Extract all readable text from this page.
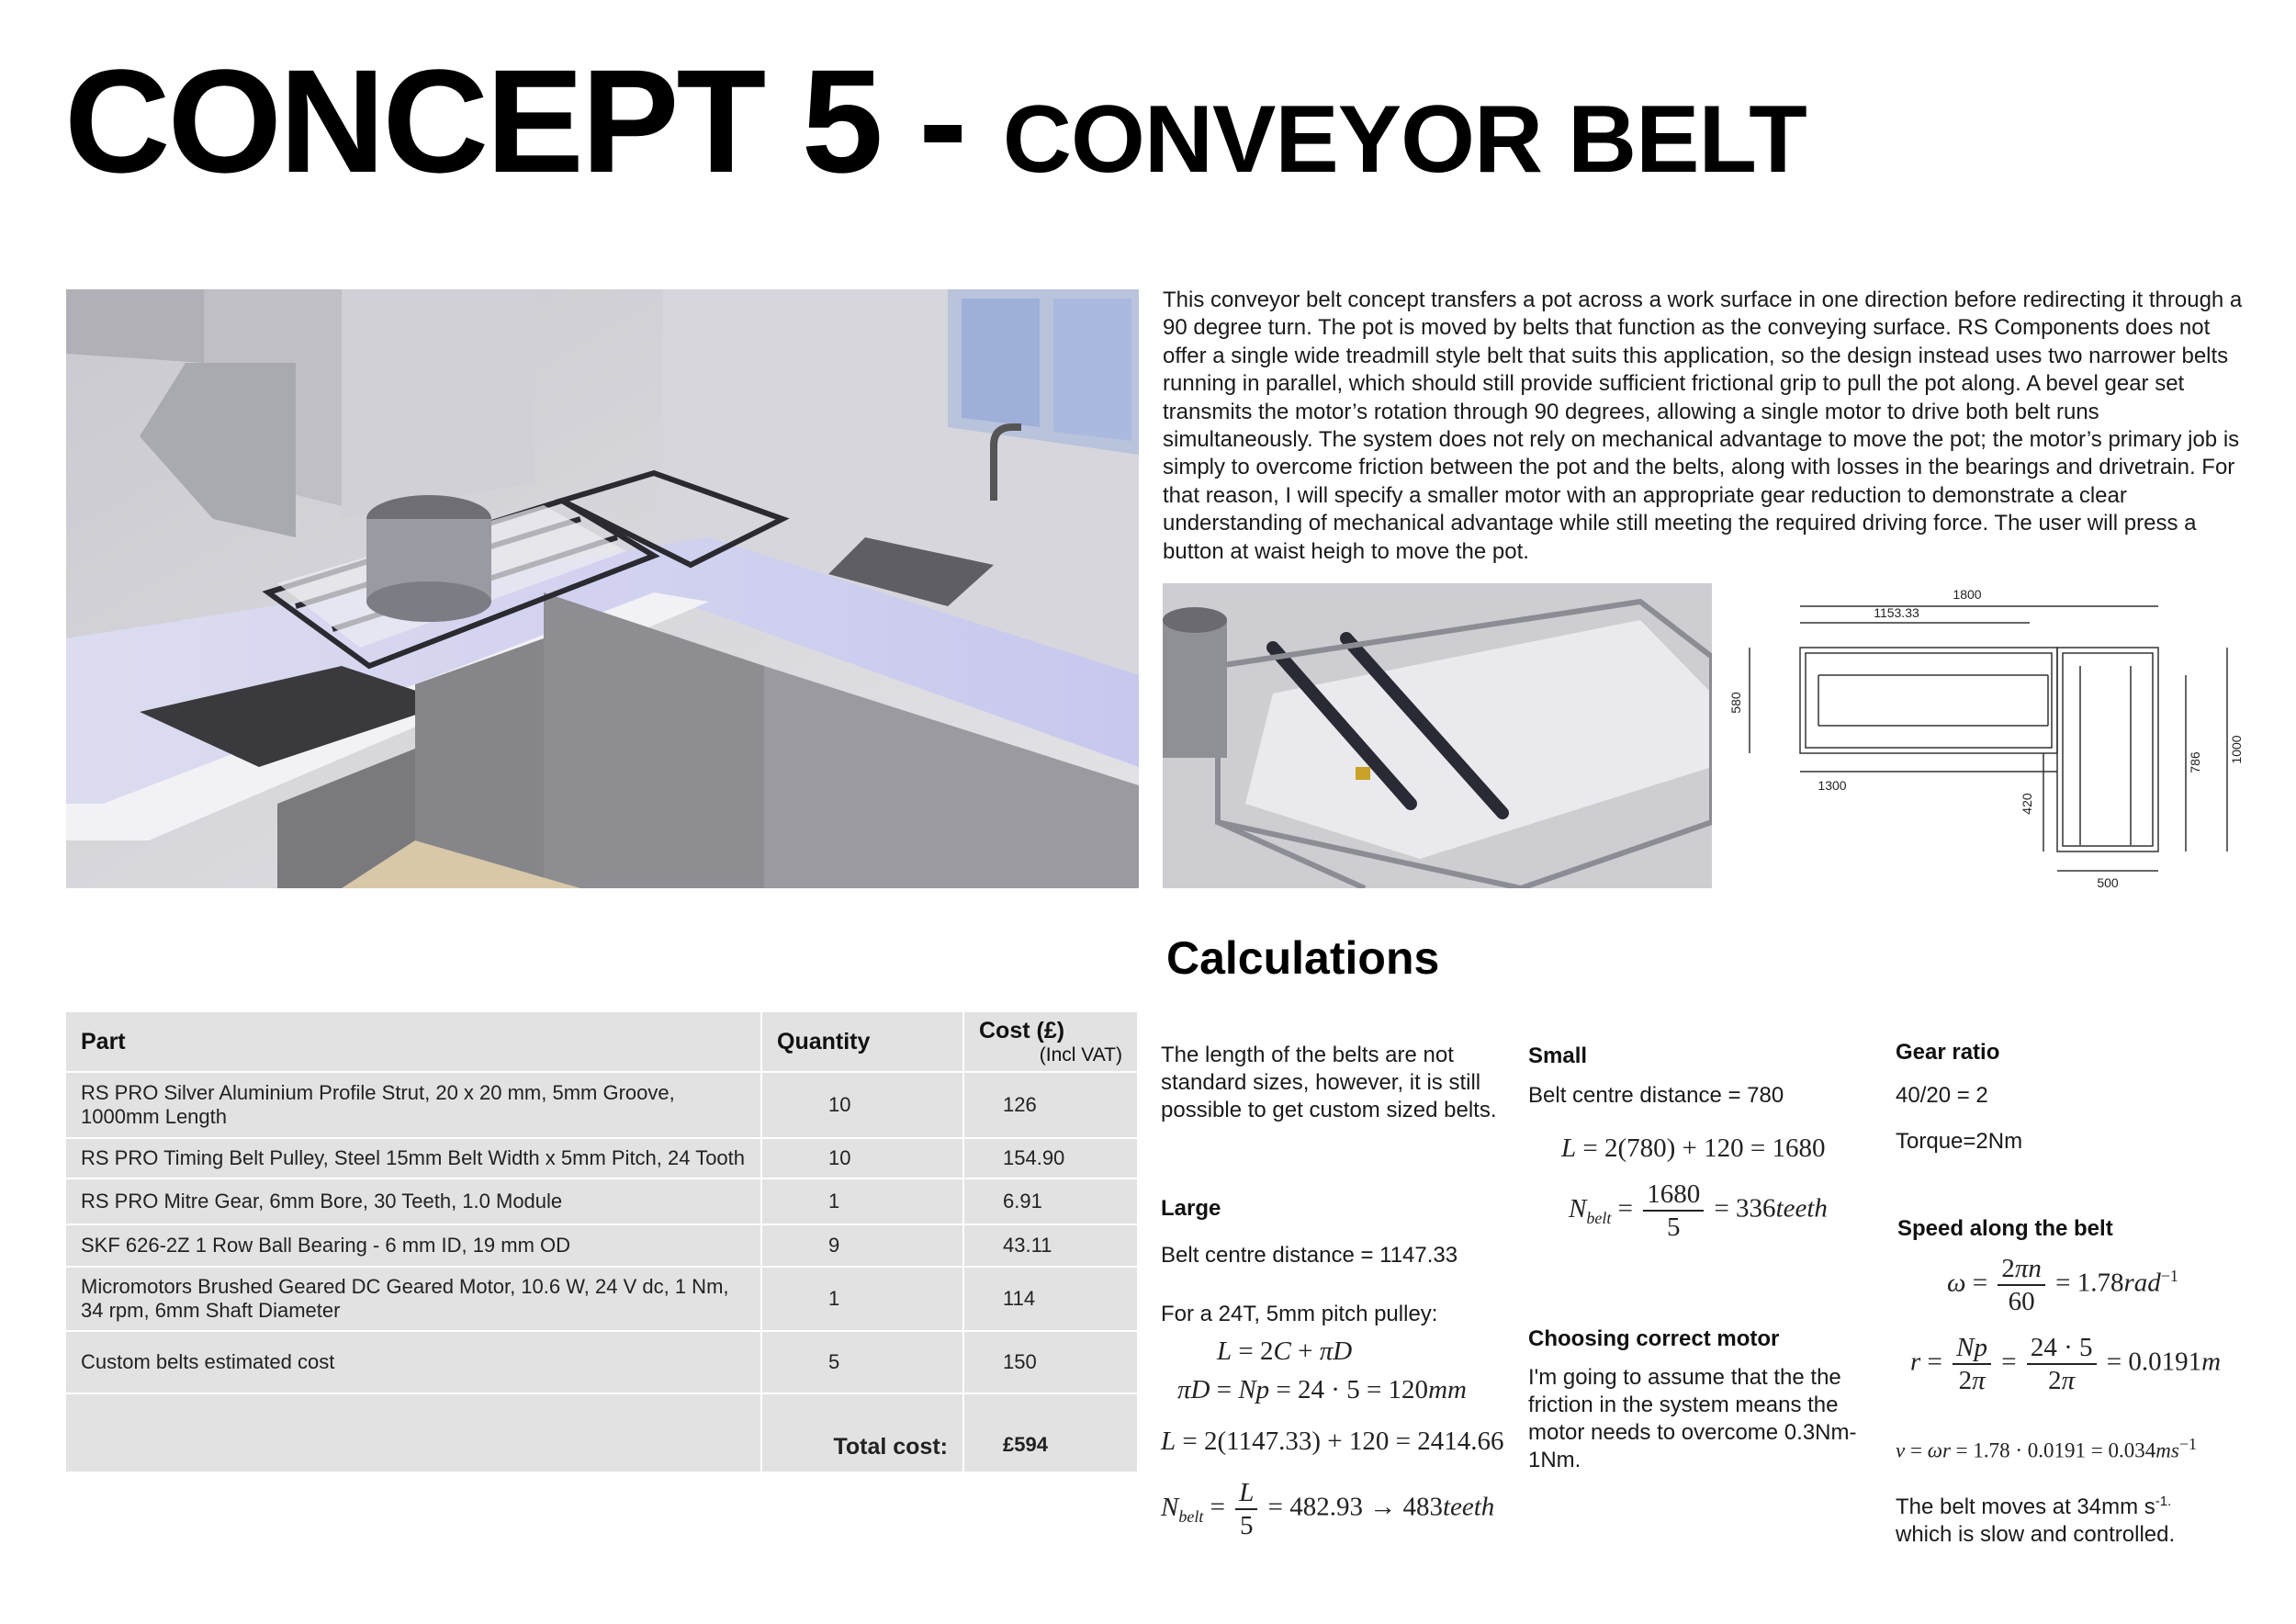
CONCEPT 5 - CONVEYOR BELT
This conveyor belt concept transfers a pot across a work surface in one direction before redirecting it through a 90 degree turn. The pot is moved by belts that function as the conveying surface. RS Components does not offer a single wide treadmill style belt that suits this application, so the design instead uses two narrower belts running in parallel, which should still provide sufficient frictional grip to pull the pot along. A bevel gear set transmits the motor’s rotation through 90 degrees, allowing a single motor to drive both belt runs simultaneously. The system does not rely on mechanical advantage to move the pot; the motor’s primary job is simply to overcome friction between the pot and the belts, along with losses in the bearings and drivetrain. For that reason, I will specify a smaller motor with an appropriate gear reduction to demonstrate a clear understanding of mechanical advantage while still meeting the required driving force. The user will press a button at waist heigh to move the pot.
1800
1153.33
580
1300
420
786 1000
500
Calculations
Part	Quantity	Cost (£)
(Incl VAT)

RS PRO Silver Aluminium Profile Strut, 20 x 20 mm, 5mm Groove, 1000mm Length	10	126
RS PRO Timing Belt Pulley, Steel 15mm Belt Width x 5mm Pitch, 24 Tooth	10	154.90
RS PRO Mitre Gear, 6mm Bore, 30 Teeth, 1.0 Module	1	6.91
SKF 626-2Z 1 Row Ball Bearing - 6 mm ID, 19 mm OD	9	43.11
Micromotors Brushed Geared DC Geared Motor, 10.6 W, 24 V dc, 1 Nm, 34 rpm, 6mm Shaft Diameter	1	114
Custom belts estimated cost	5	150
	Total cost:	£594
The length of the belts are not standard sizes, however, it is still possible to get custom sized belts.
Large
Belt centre distance = 1147.33
For a 24T, 5mm pitch pulley:
L = 2C + πD
πD = Np = 24 · 5 = 120mm
L = 2(1147.33) + 120 = 2414.66
$N_{belt} = \frac{L}{5} = 482.93$ → 483teeth
Small
Belt centre distance = 780
L = 2(780) + 120 = 1680
$N_{belt} = \frac{1680}{5}$ = 336teeth
Choosing correct motor
I'm going to assume that the the friction in the system means the motor needs to overcome 0.3Nm-1Nm.
Gear ratio
40/20 = 2
Torque=2Nm
Speed along the belt
$\omega = \frac{2\pi n}{60} = 1.78rad^{-1}$
$r = \frac{Np}{2\pi} = \frac{24 \cdot 5}{2\pi} = 0.0191m$
$v = \omega r = 1.78 \cdot 0.0191 = 0.034ms^{-1}$
The belt moves at 34mm $s^{-1.}$
which is slow and controlled.
